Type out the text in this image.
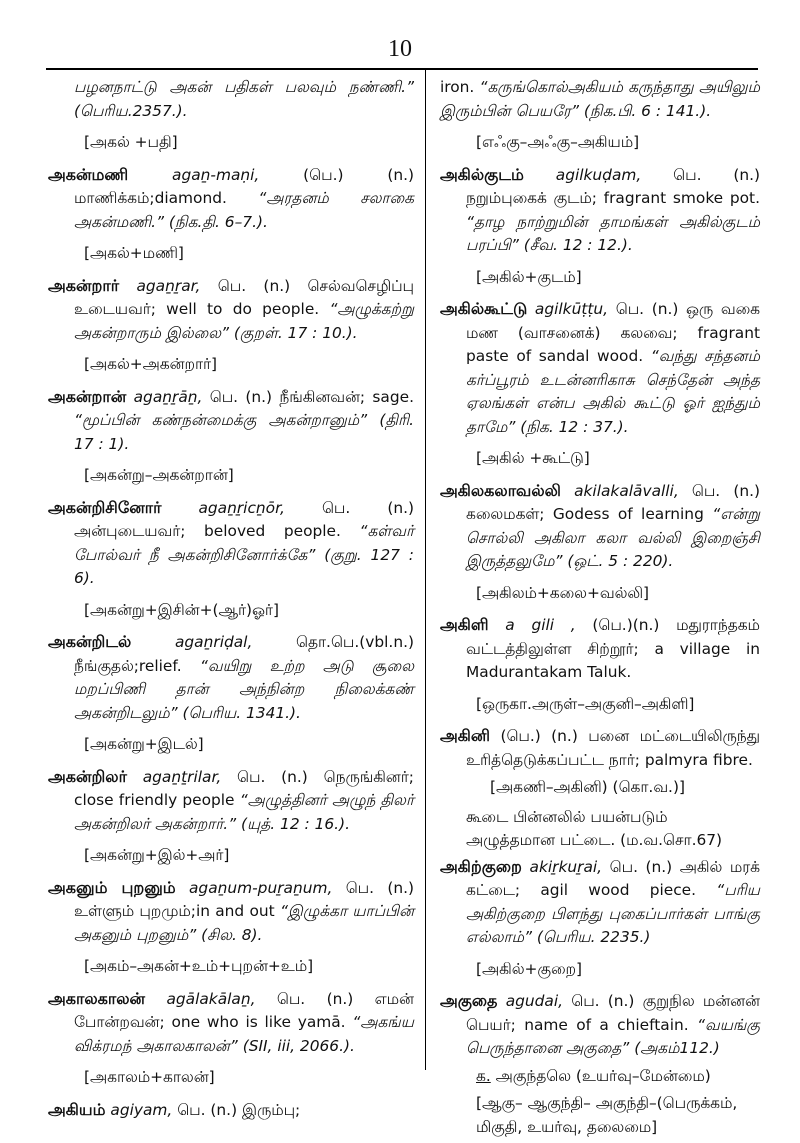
10

பழனநாட்டு அகன் பதிகள் பலவும் நண்ணி.” (பெரிய.2357.).

[அகல் +பதி]

அகன்மணி	agaṉ-maṇi,	(பெ.) (n.) மாணிக்கம்;diamond. “அரதனம் சலாகை அகன்மணி.” (நிக.தி. 6–7.).

[அகல்+மணி]

அகன்றார் agaṉṟar, பெ. (n.) செல்வசெழிப்பு உடையவர்; well to do people. “அழுக்கற்று அகன்றாரும் இல்லை” (குறள். 17 : 10.).

[அகல்+அகன்றார்]

அகன்றான் agaṉṟāṉ, பெ. (n.) நீங்கினவன்; sage. “மூப்பின் கண்நன்மைக்கு அகன்றானும்” (திரி. 17 : 1).

[அகன்று–அகன்றான்]

அகன்றிசினோர் agaṉṟicṉōr, பெ. (n.) அன்புடையவர்; beloved people. “கள்வர் போல்வர் நீ அகன்றிசினோர்க்கே” (குறு. 127 : 6).

[அகன்று+இசின்+(ஆர்)ஓர்]

அகன்றிடல்	agaṉriḍal,	தொ.பெ.(vbl.n.) நீங்குதல்;relief. “வயிறு உற்ற அடு சூலை மறப்பிணி தான் அந்நின்ற நிலைக்கண் அகன்றிடலும்” (பெரிய. 1341.).

[அகன்று+இடல்]

அகன்றிலர் agaṉṯrilar, பெ. (n.) நெருங்கினர்; close friendly people “அழுத்தினர் அழுந் திலர் அகன்றிலர் அகன்றார்.” (யுத். 12 : 16.).

[அகன்று+இல்+அர்]

அகனும் புறனும் agaṉum-puṟaṉum, பெ. (n.) உள்ளும் புறமும்;in and out “இழுக்கா யாப்பின் அகனும் புறனும்” (சில. 8).

[அகம்–அகன்+உம்+புறன்+உம்]

அகாலகாலன் agālakālaṉ, பெ. (n.) எமன் போன்றவன்; one who is like yamā. “அகங்ய விக்ரமந் அகாலகாலன்” (SII, iii, 2066.).

[அகாலம்+காலன்]

அகியம் agiyam, பெ. (n.) இரும்பு;

iron. “கருங்கொல்அகியம் கருந்தாது அயிலும் இரும்பின் பெயரே” (நிக.பி. 6 : 141.).

[எஃகு–அஃகு–அகியம்]

அகில்குடம் agilkuḍam, பெ. (n.) நறும்புகைக் குடம்; fragrant smoke pot. “தாழ நாற்றுமின் தாமங்கள் அகில்குடம் பரப்பி” (சீவ. 12 : 12.).

[அகில்+குடம்]

அகில்கூட்டு agilkūṭṭu, பெ. (n.) ஒரு வகை மண (வாசனைக்) கலவை; fragrant paste of sandal wood. “வந்து சந்தனம் கர்ப்பூரம் உடன்னரிகாசு செந்தேன் அந்த ஏலங்கள் என்ப அகில் கூட்டு ஓர் ஐந்தும் தாமே” (நிக. 12 : 37.).

[அகில் +கூட்டு]

அகிலகலாவல்லி akilakalāvalli, பெ. (n.) கலைமகள்; Godess of learning “என்று சொல்லி அகிலா கலா வல்லி இறைஞ்சி இருத்தலுமே” (ஒட். 5 : 220).

[அகிலம்+கலை+வல்லி]

அகிளி a gili , (பெ.)(n.) மதுராந்தகம் வட்டத்திலுள்ள சிற்றூர்; a village in Madurantakam Taluk.

[ஒருகா.அருள்–அகுனி–அகிளி]

அகினி (பெ.) (n.) பனை மட்டையிலிருந்து உரித்தெடுக்கப்பட்ட நார்; palmyra fibre.

[அகணி–அகினி) (கொ.வ.)]
கூடை பின்னலில் பயன்படும் அழுத்தமான பட்டை. (ம.வ.சொ.67)

அகிற்குறை akiṟkuṟai, பெ. (n.) அகில் மரக் கட்டை; agil wood piece. “பரிய அகிற்குறை பிளந்து புகைப்பார்கள் பாங்கு எல்லாம்” (பெரிய. 2235.)

[அகில்+குறை]

அகுதை agudai, பெ. (n.) குறுநில மன்னன் பெயர்; name of a chieftain. “வயங்கு பெருந்தானை அகுதை” (அகம்112.)

க. அகுந்தலெ (உயர்வு–மேன்மை)
[ஆகு– ஆகுந்தி– அகுந்தி–(பெருக்கம், மிகுதி, உயர்வு, தலைமை]
